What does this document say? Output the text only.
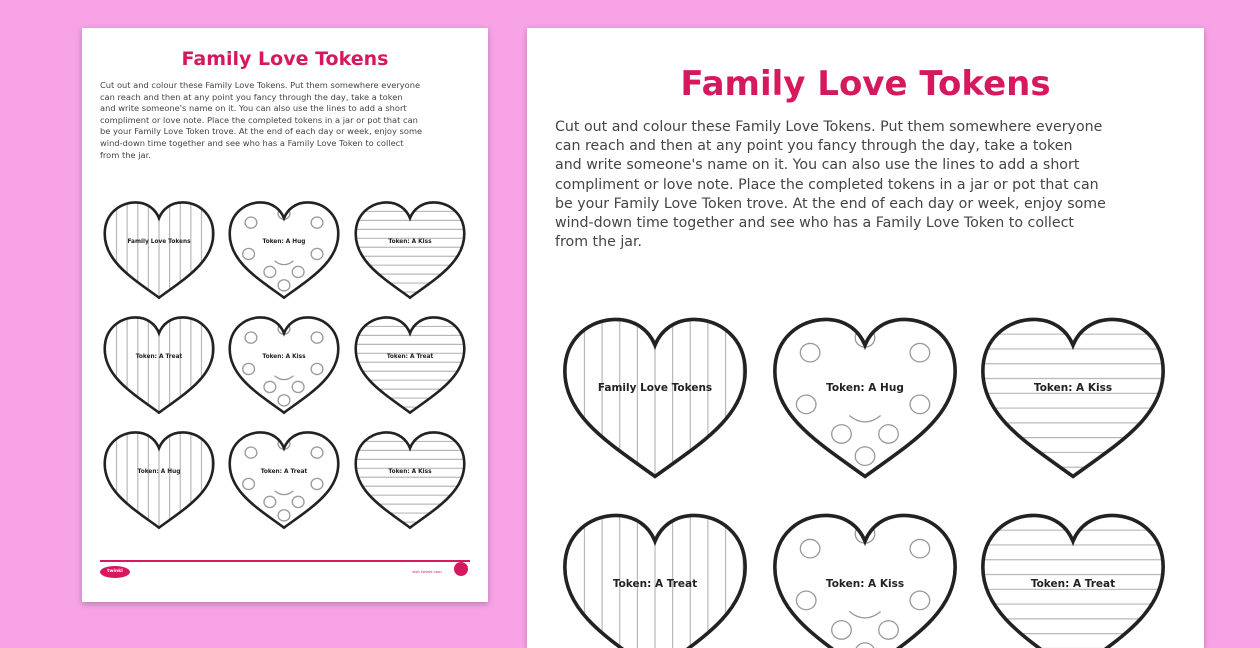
Family Love Tokens
Cut out and colour these Family Love Tokens. Put them somewhere everyone
can reach and then at any point you fancy through the day, take a token
and write someone's name on it. You can also use the lines to add a short
compliment or love note. Place the completed tokens in a jar or pot that can
be your Family Love Token trove. At the end of each day or week, enjoy some
wind-down time together and see who has a Family Love Token to collect
from the jar.
Family Love Tokens	Token: A Hug	Token: A Kiss
Token: A Treat	Token: A Kiss	Token: A Treat
Token: A Hug	Token: A Treat	Token: A Kiss
twinkl	visit twinkl.com
Family Love Tokens
Cut out and colour these Family Love Tokens. Put them somewhere everyone
can reach and then at any point you fancy through the day, take a token
and write someone's name on it. You can also use the lines to add a short
compliment or love note. Place the completed tokens in a jar or pot that can
be your Family Love Token trove. At the end of each day or week, enjoy some
wind-down time together and see who has a Family Love Token to collect
from the jar.
Family Love Tokens	Token: A Hug	Token: A Kiss
Token: A Treat	Token: A Kiss	Token: A Treat
